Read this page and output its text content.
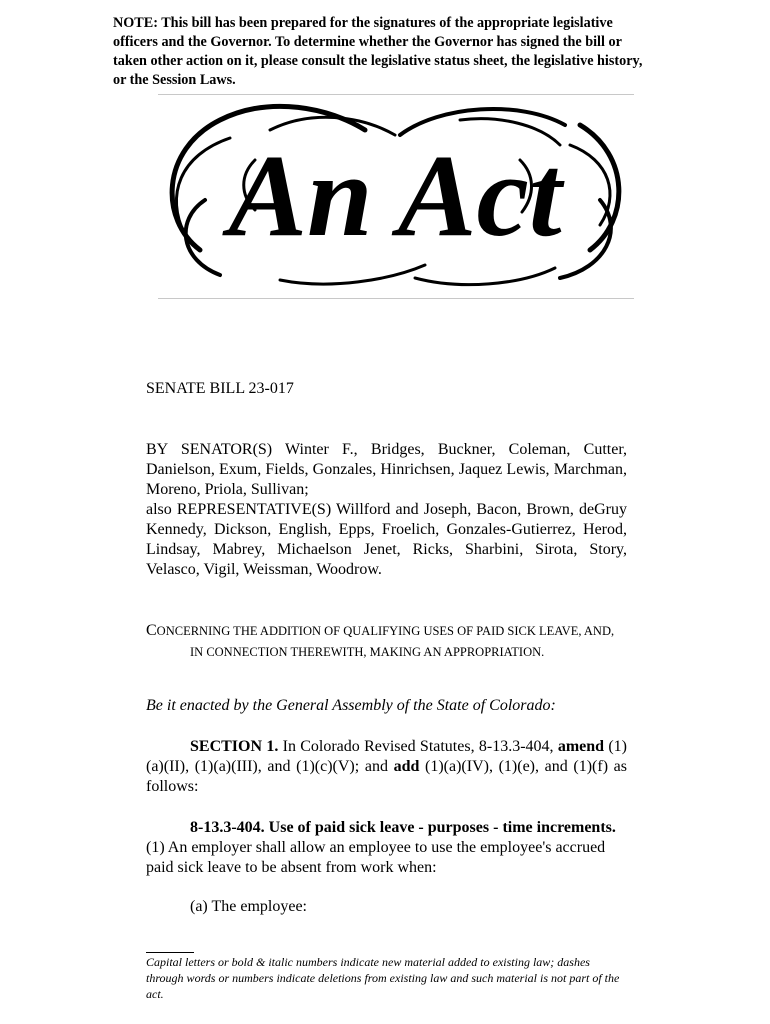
NOTE: This bill has been prepared for the signatures of the appropriate legislative officers and the Governor. To determine whether the Governor has signed the bill or taken other action on it, please consult the legislative status sheet, the legislative history, or the Session Laws.
An Act
SENATE BILL 23-017

BY SENATOR(S) Winter F., Bridges, Buckner, Coleman, Cutter, Danielson, Exum, Fields, Gonzales, Hinrichsen, Jaquez Lewis, Marchman, Moreno, Priola, Sullivan;

also REPRESENTATIVE(S) Willford and Joseph, Bacon, Brown, deGruy Kennedy, Dickson, English, Epps, Froelich, Gonzales-Gutierrez, Herod, Lindsay, Mabrey, Michaelson Jenet, Ricks, Sharbini, Sirota, Story, Velasco, Vigil, Weissman, Woodrow.

CONCERNING THE ADDITION OF QUALIFYING USES OF PAID SICK LEAVE, AND,
IN CONNECTION THEREWITH, MAKING AN APPROPRIATION.
Be it enacted by the General Assembly of the State of Colorado:
SECTION 1. In Colorado Revised Statutes, 8-13.3-404, amend (1)(a)(II), (1)(a)(III), and (1)(c)(V); and add (1)(a)(IV), (1)(e), and (1)(f) as follows:
8-13.3-404. Use of paid sick leave - purposes - time increments.
(1) An employer shall allow an employee to use the employee's accrued paid sick leave to be absent from work when:
(a) The employee:
Capital letters or bold & italic numbers indicate new material added to existing law; dashes through words or numbers indicate deletions from existing law and such material is not part of the act.
